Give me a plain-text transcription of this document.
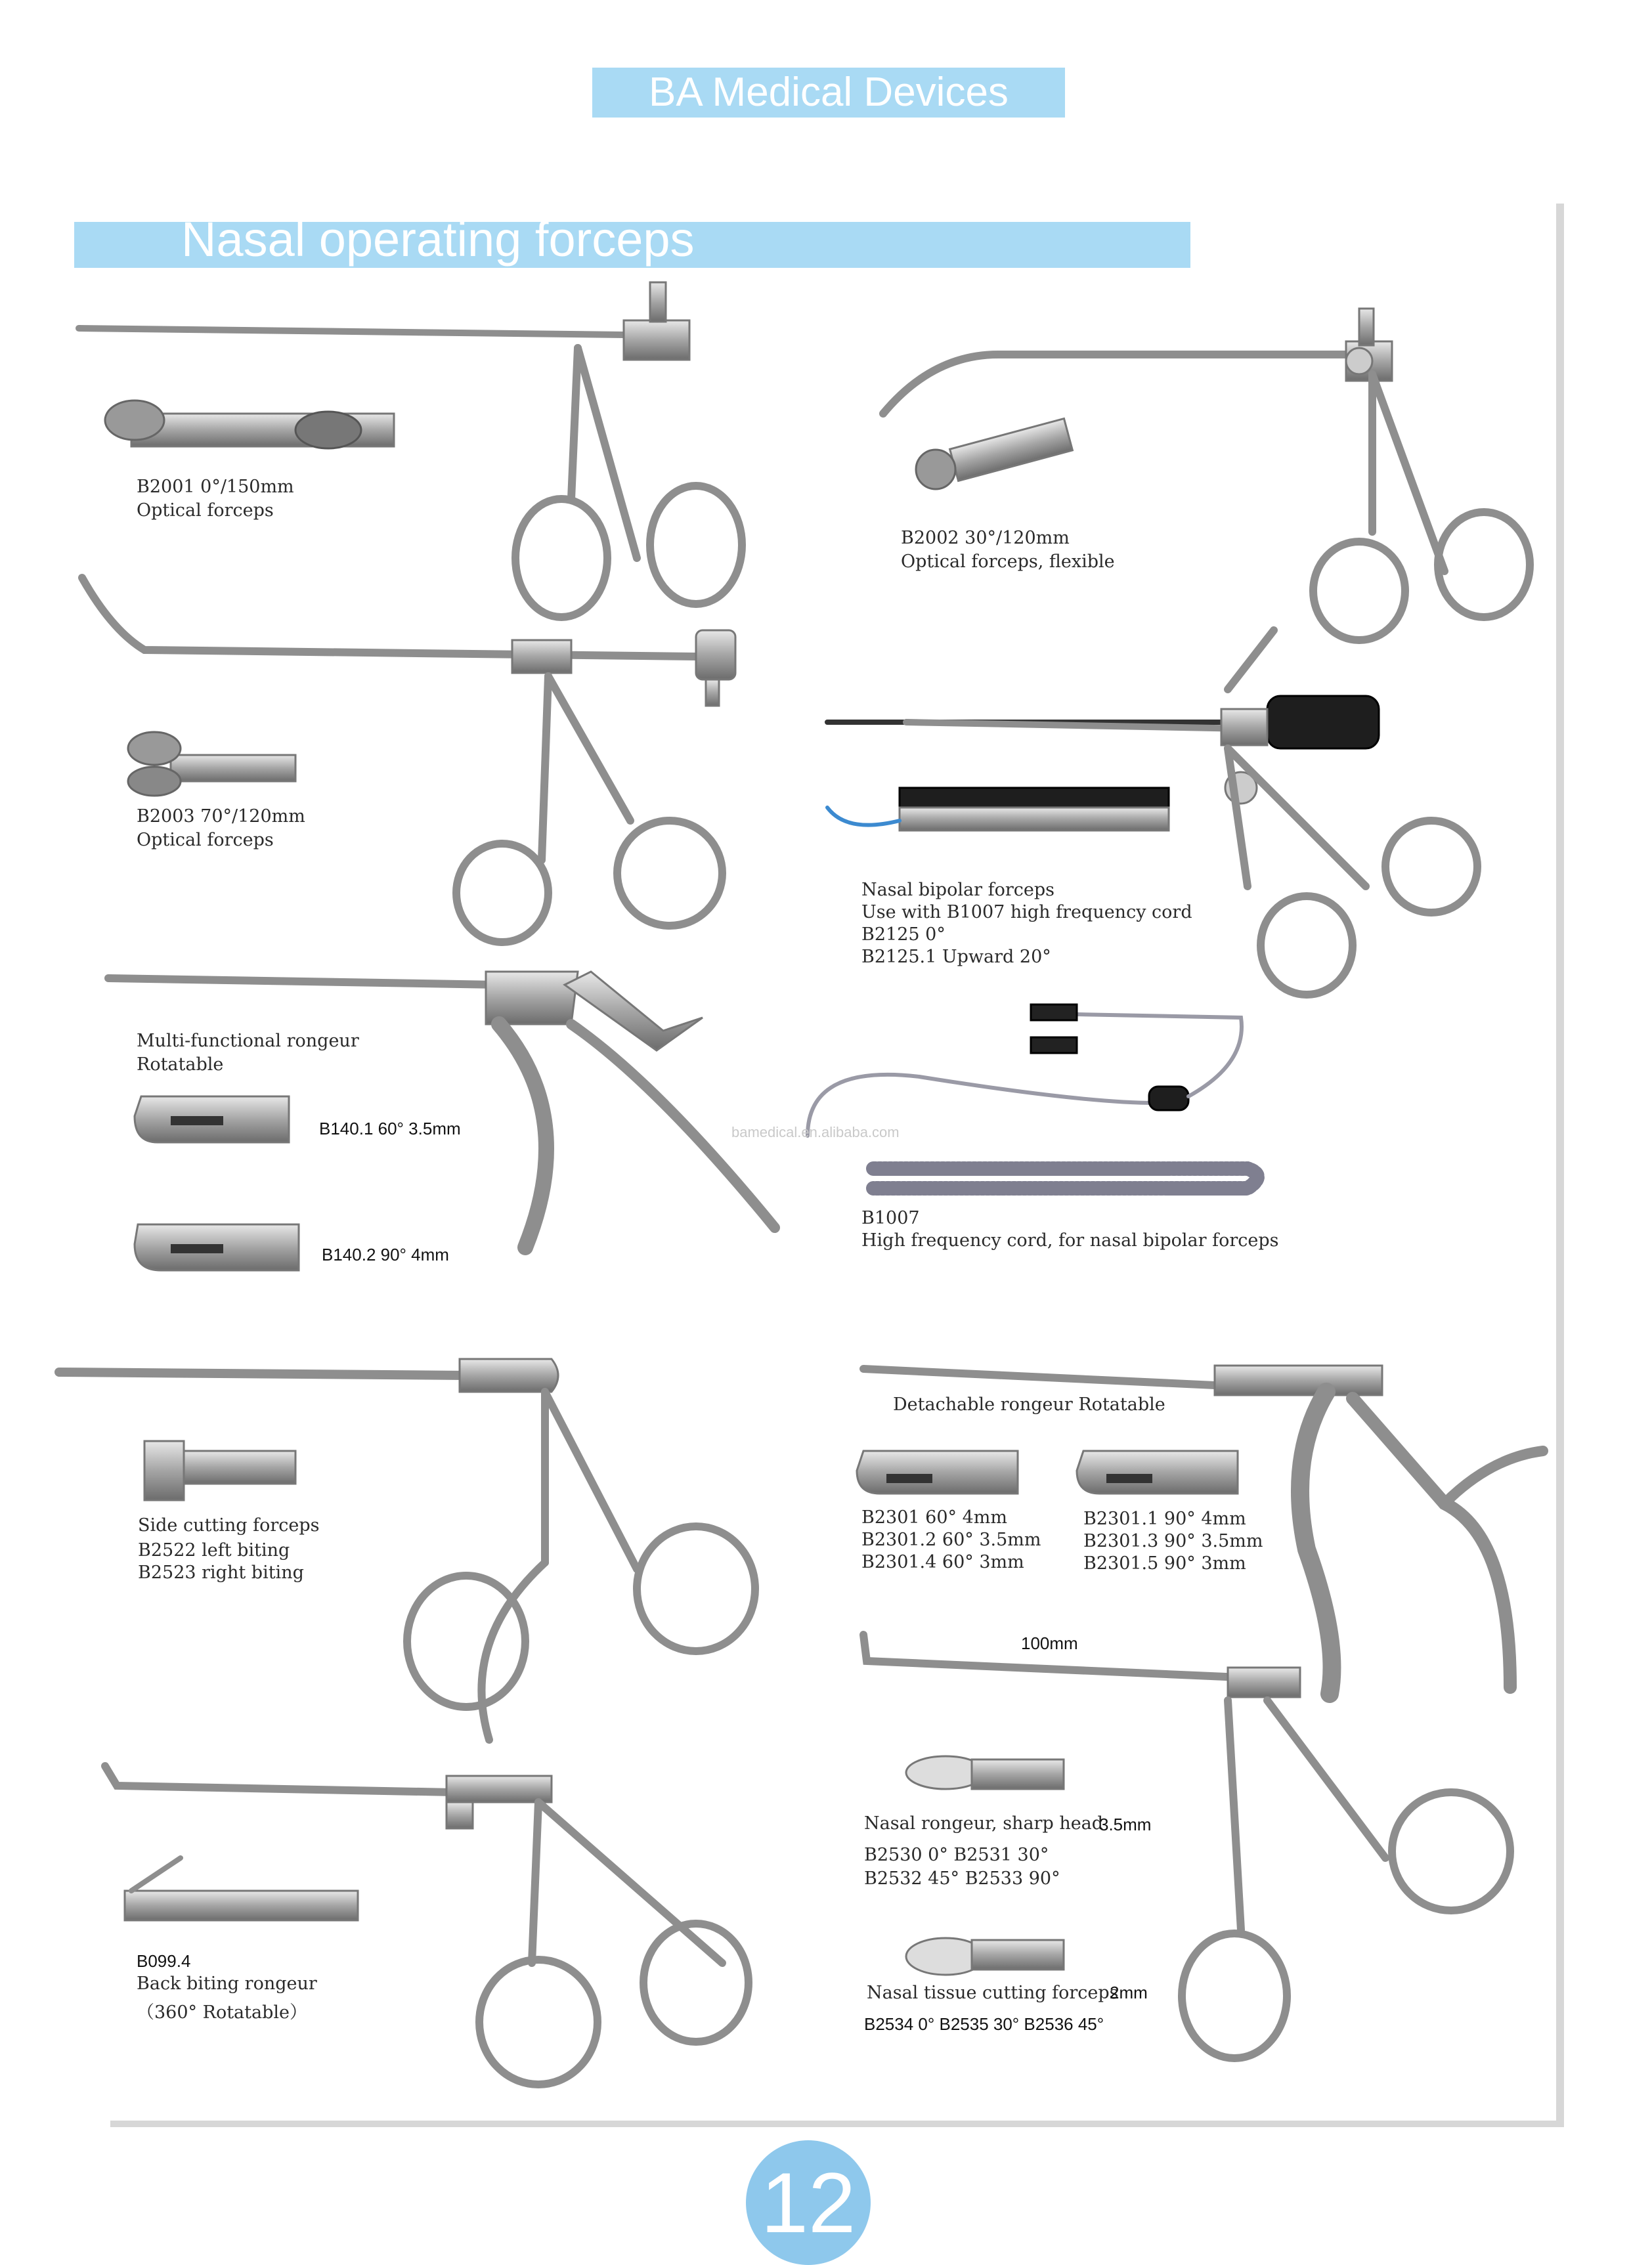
BA Medical Devices
Nasal operating forceps
B2001 0°/150mm
Optical forceps
B2002 30°/120mm
Optical forceps, flexible
B2003 70°/120mm
Optical forceps
Nasal bipolar forceps
Use with B1007 high frequency cord
B2125 0°
B2125.1 Upward 20°
Multi-functional rongeur
Rotatable
B140.1 60° 3.5mm
B140.2 90° 4mm
bamedical.en.alibaba.com
B1007
High frequency cord, for nasal bipolar forceps
Side cutting forceps
B2522 left biting
B2523 right biting
Detachable rongeur Rotatable
B2301 60° 4mm
B2301.2 60° 3.5mm
B2301.4 60° 3mm
B2301.1 90° 4mm
B2301.3 90° 3.5mm
B2301.5 90° 3mm
B099.4
Back biting rongeur
（360° Rotatable）
100mm
Nasal rongeur, sharp head
3.5mm
B2530 0° B2531 30°
B2532 45° B2533 90°
Nasal tissue cutting forceps
2mm
B2534 0° B2535 30° B2536 45°
12
